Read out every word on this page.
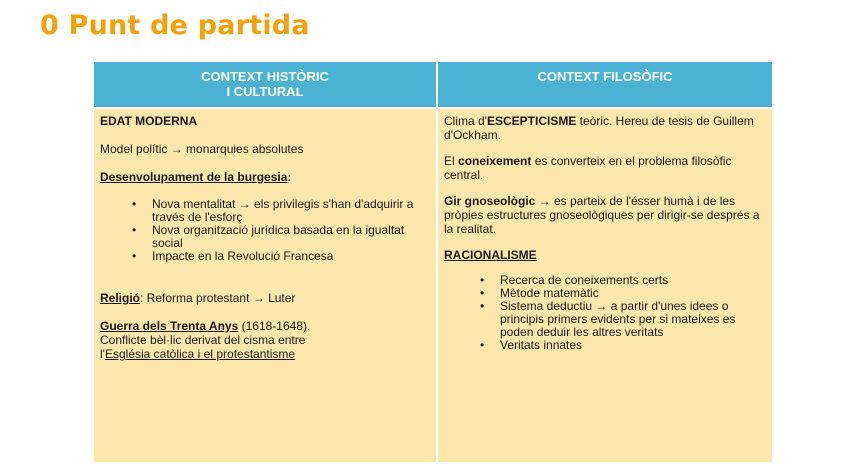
0 Punt de partida
CONTEXT HISTÒRIC
I CULTURAL
CONTEXT FILOSÒFIC

EDAT MODERNA

Model polític → monarquies absolutes

Desenvolupament de la burgesia:

• Nova mentalitat → els privilegis s'han d'adquirir a través de l'esforç
• Nova organització jurídica basada en la igualtat social
• Impacte en la Revolució Francesa

Religió: Reforma protestant → Luter

Guerra dels Trenta Anys (1618-1648).
Conflicte bèl·lic derivat del cisma entre
l'Església catòlica i el protestantisme

Clima d'ESCEPTICISME teòric. Hereu de tesis de Guillem d'Ockham.

El coneixement es converteix en el problema filosòfic central.

Gir gnoseològic → es parteix de l'ésser humà i de les pròpies estructures gnoseològiques per dirigir-se després a la realitat.

RACIONALISME

• Recerca de coneixements certs
• Mètode matemàtic
• Sistema deductiu → a partir d'unes idees o principis primers evidents per si mateixes es poden deduir les altres veritats
• Veritats innates
